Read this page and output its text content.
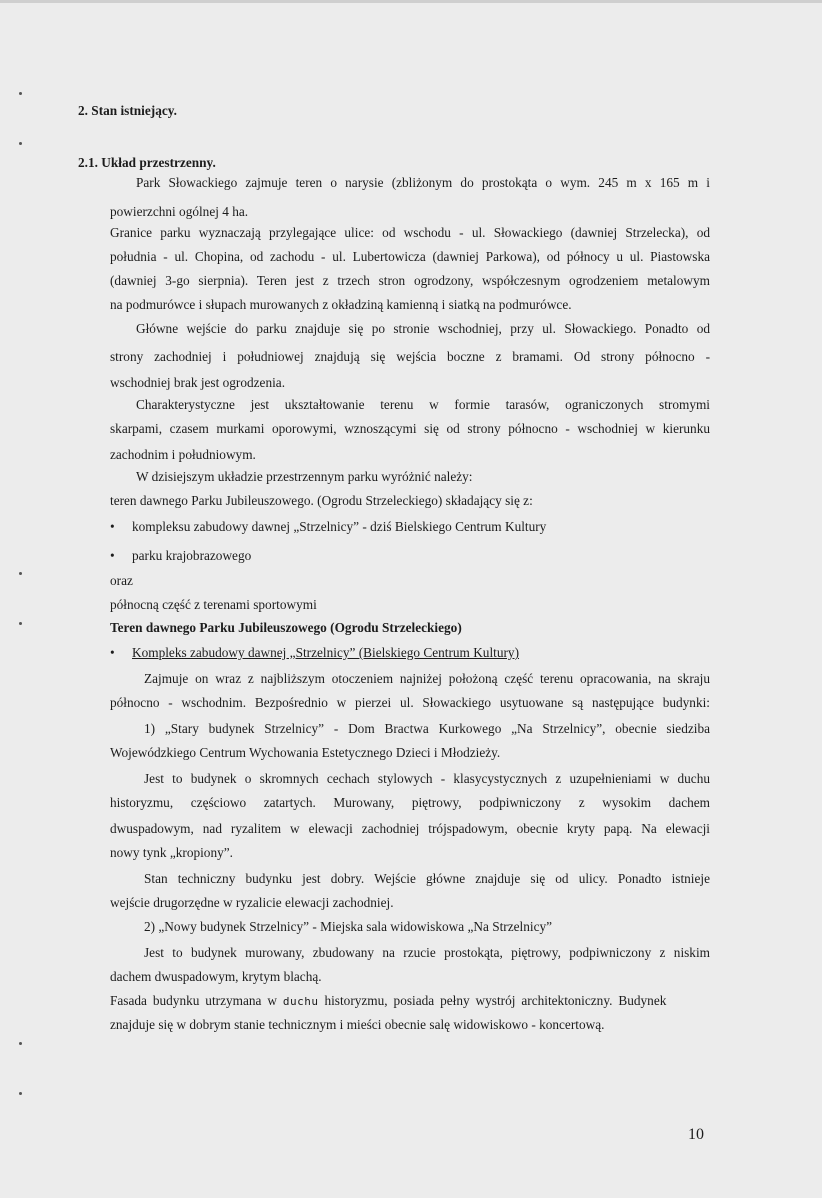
2. Stan istniejący.
2.1. Układ przestrzenny.
Park Słowackiego zajmuje teren o narysie (zbliżonym do prostokąta o wym. 245 m x 165 m i
powierzchni ogólnej 4 ha.
Granice parku wyznaczają przylegające ulice: od wschodu - ul. Słowackiego (dawniej Strzelecka), od
południa - ul. Chopina, od zachodu - ul. Lubertowicza (dawniej Parkowa), od północy u ul. Piastowska
(dawniej 3-go sierpnia). Teren jest z trzech stron ogrodzony, współczesnym ogrodzeniem metalowym
na podmurówce i słupach murowanych z okładziną kamienną i siatką na podmurówce.
Główne wejście do parku znajduje się po stronie wschodniej, przy ul. Słowackiego. Ponadto od
strony zachodniej i południowej znajdują się wejścia boczne z bramami. Od strony północno -
wschodniej brak jest ogrodzenia.
Charakterystyczne jest ukształtowanie terenu w formie tarasów, ograniczonych stromymi
skarpami, czasem murkami oporowymi, wznoszącymi się od strony północno - wschodniej w kierunku
zachodnim i południowym.
W dzisiejszym układzie przestrzennym parku wyróżnić należy:
teren dawnego Parku Jubileuszowego. (Ogrodu Strzeleckiego) składający się z:
• kompleksu zabudowy dawnej „Strzelnicy” - dziś Bielskiego Centrum Kultury
• parku krajobrazowego
oraz
północną część z terenami sportowymi
Teren dawnego Parku Jubileuszowego (Ogrodu Strzeleckiego)
• Kompleks zabudowy dawnej „Strzelnicy” (Bielskiego Centrum Kultury)
Zajmuje on wraz z najbliższym otoczeniem najniżej położoną część terenu opracowania, na skraju
północno - wschodnim. Bezpośrednio w pierzei ul. Słowackiego usytuowane są następujące budynki:
1) „Stary budynek Strzelnicy” - Dom Bractwa Kurkowego „Na Strzelnicy”, obecnie siedziba
Wojewódzkiego Centrum Wychowania Estetycznego Dzieci i Młodzieży.
Jest to budynek o skromnych cechach stylowych - klasycystycznych z uzupełnieniami w duchu
historyzmu, częściowo zatartych. Murowany, piętrowy, podpiwniczony z wysokim dachem
dwuspadowym, nad ryzalitem w elewacji zachodniej trójspadowym, obecnie kryty papą. Na elewacji
nowy tynk „kropiony”.
Stan techniczny budynku jest dobry. Wejście główne znajduje się od ulicy. Ponadto istnieje
wejście drugorzędne w ryzalicie elewacji zachodniej.
2) „Nowy budynek Strzelnicy” - Miejska sala widowiskowa „Na Strzelnicy”
Jest to budynek murowany, zbudowany na rzucie prostokąta, piętrowy, podpiwniczony z niskim
dachem dwuspadowym, krytym blachą.
Fasada budynku utrzymana w duchu historyzmu, posiada pełny wystrój architektoniczny. Budynek
znajduje się w dobrym stanie technicznym i mieści obecnie salę widowiskowo - koncertową.
10
